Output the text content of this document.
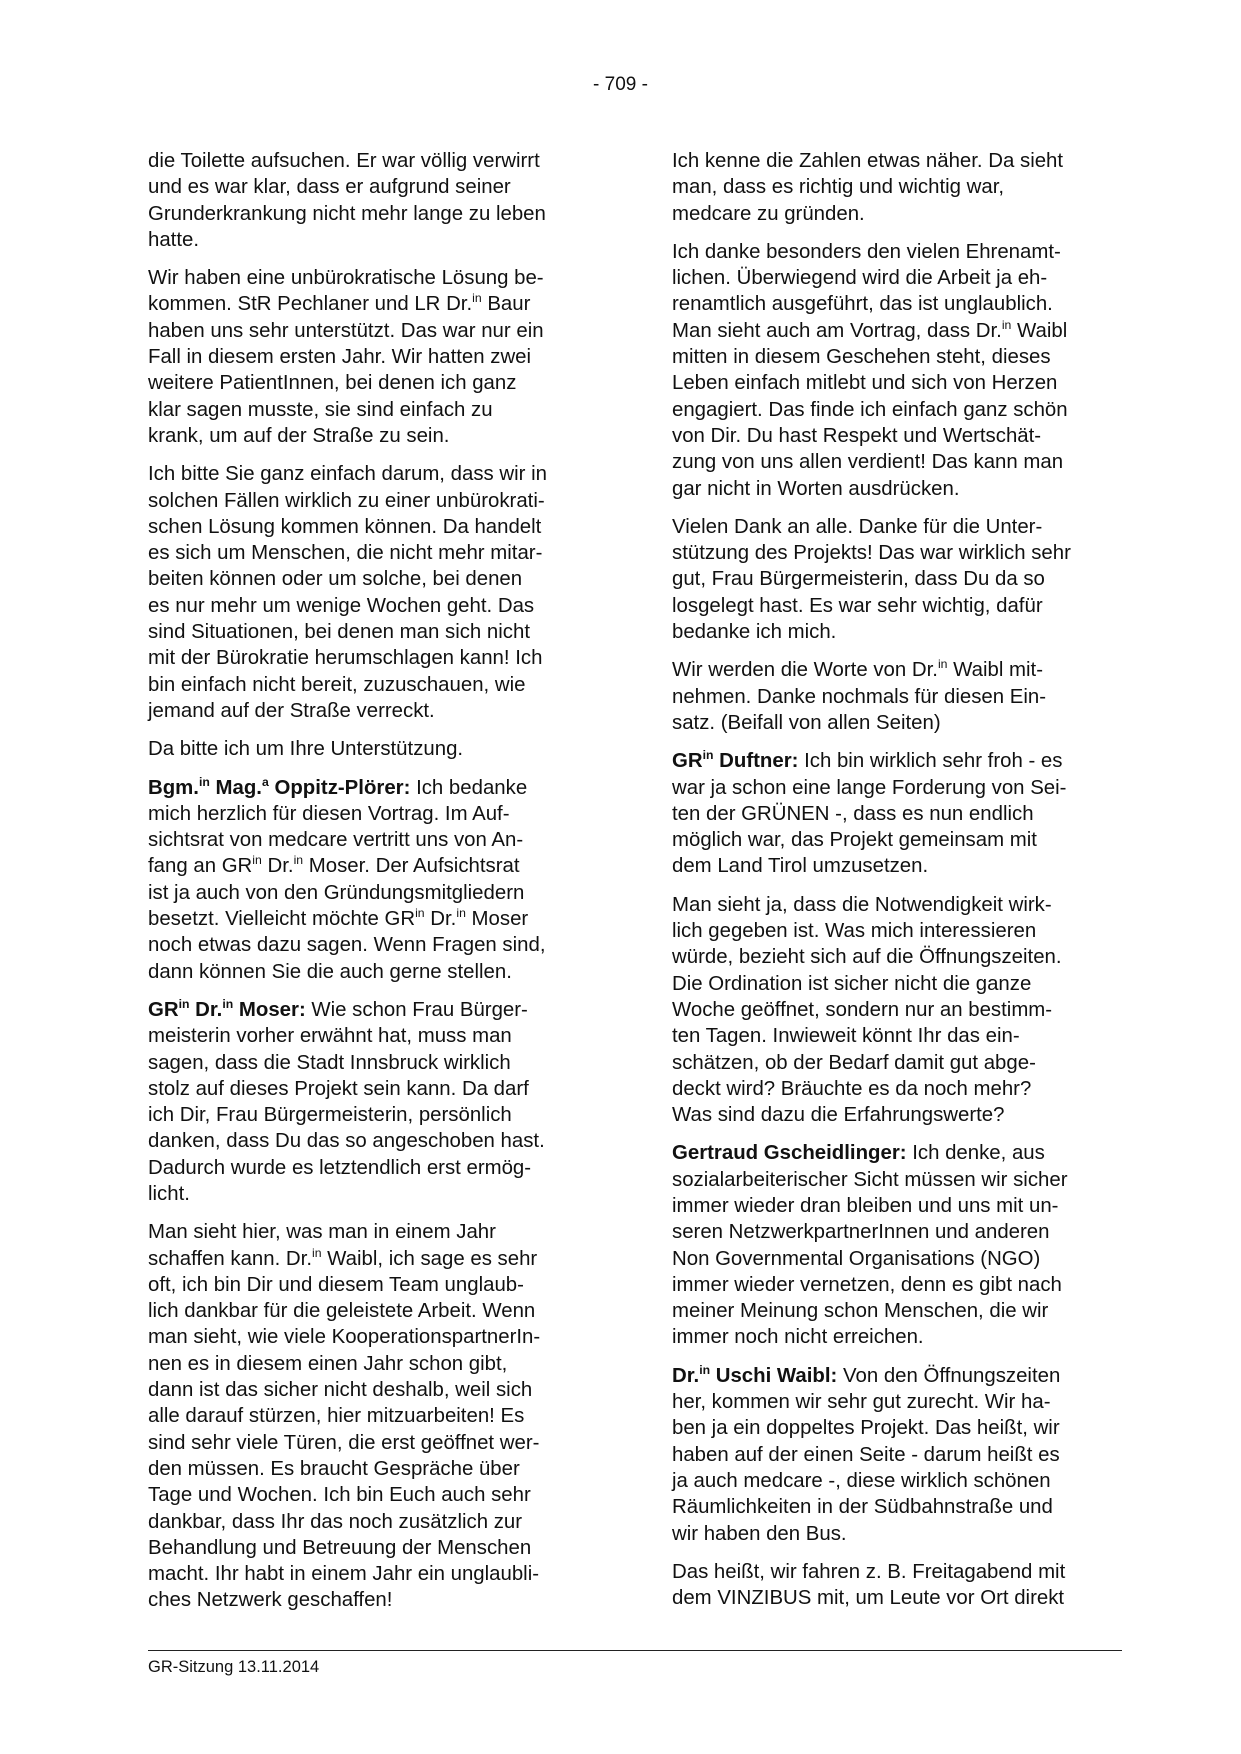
- 709 -

die Toilette aufsuchen. Er war völlig verwirrt
und es war klar, dass er aufgrund seiner
Grunderkrankung nicht mehr lange zu leben
hatte.

Wir haben eine unbürokratische Lösung be-
kommen. StR Pechlaner und LR Dr.$^{in}$ Baur
haben uns sehr unterstützt. Das war nur ein
Fall in diesem ersten Jahr. Wir hatten zwei
weitere PatientInnen, bei denen ich ganz
klar sagen musste, sie sind einfach zu
krank, um auf der Straße zu sein.

Ich bitte Sie ganz einfach darum, dass wir in
solchen Fällen wirklich zu einer unbürokrati-
schen Lösung kommen können. Da handelt
es sich um Menschen, die nicht mehr mitar-
beiten können oder um solche, bei denen
es nur mehr um wenige Wochen geht. Das
sind Situationen, bei denen man sich nicht
mit der Bürokratie herumschlagen kann! Ich
bin einfach nicht bereit, zuzuschauen, wie
jemand auf der Straße verreckt.

Da bitte ich um Ihre Unterstützung.

Bgm.$^{in}$ Mag.$^a$ Oppitz-Plörer: Ich bedanke
mich herzlich für diesen Vortrag. Im Auf-
sichtsrat von medcare vertritt uns von An-
fang an $GR^{in}$ Dr.$^{in}$ Moser. Der Aufsichtsrat
ist ja auch von den Gründungsmitgliedern
besetzt. Vielleicht möchte $GR^{in}$ Dr.$^{in}$ Moser
noch etwas dazu sagen. Wenn Fragen sind,
dann können Sie die auch gerne stellen.

$GR^{in}$ Dr.$^{in}$ Moser: Wie schon Frau Bürger-
meisterin vorher erwähnt hat, muss man
sagen, dass die Stadt Innsbruck wirklich
stolz auf dieses Projekt sein kann. Da darf
ich Dir, Frau Bürgermeisterin, persönlich
danken, dass Du das so angeschoben hast.
Dadurch wurde es letztendlich erst ermög-
licht.

Man sieht hier, was man in einem Jahr
schaffen kann. Dr.$^{in}$ Waibl, ich sage es sehr
oft, ich bin Dir und diesem Team unglaub-
lich dankbar für die geleistete Arbeit. Wenn
man sieht, wie viele KooperationspartnerIn-
nen es in diesem einen Jahr schon gibt,
dann ist das sicher nicht deshalb, weil sich
alle darauf stürzen, hier mitzuarbeiten! Es
sind sehr viele Türen, die erst geöffnet wer-
den müssen. Es braucht Gespräche über
Tage und Wochen. Ich bin Euch auch sehr
dankbar, dass Ihr das noch zusätzlich zur
Behandlung und Betreuung der Menschen
macht. Ihr habt in einem Jahr ein unglaubli-
ches Netzwerk geschaffen!

Ich kenne die Zahlen etwas näher. Da sieht
man, dass es richtig und wichtig war,
medcare zu gründen.

Ich danke besonders den vielen Ehrenamt-
lichen. Überwiegend wird die Arbeit ja eh-
renamtlich ausgeführt, das ist unglaublich.
Man sieht auch am Vortrag, dass Dr.$^{in}$ Waibl
mitten in diesem Geschehen steht, dieses
Leben einfach mitlebt und sich von Herzen
engagiert. Das finde ich einfach ganz schön
von Dir. Du hast Respekt und Wertschät-
zung von uns allen verdient! Das kann man
gar nicht in Worten ausdrücken.

Vielen Dank an alle. Danke für die Unter-
stützung des Projekts! Das war wirklich sehr
gut, Frau Bürgermeisterin, dass Du da so
losgelegt hast. Es war sehr wichtig, dafür
bedanke ich mich.

Wir werden die Worte von Dr.$^{in}$ Waibl mit-
nehmen. Danke nochmals für diesen Ein-
satz. (Beifall von allen Seiten)

$GR^{in}$ Duftner: Ich bin wirklich sehr froh - es
war ja schon eine lange Forderung von Sei-
ten der GRÜNEN -, dass es nun endlich
möglich war, das Projekt gemeinsam mit
dem Land Tirol umzusetzen.

Man sieht ja, dass die Notwendigkeit wirk-
lich gegeben ist. Was mich interessieren
würde, bezieht sich auf die Öffnungszeiten.
Die Ordination ist sicher nicht die ganze
Woche geöffnet, sondern nur an bestimm-
ten Tagen. Inwieweit könnt Ihr das ein-
schätzen, ob der Bedarf damit gut abge-
deckt wird? Bräuchte es da noch mehr?
Was sind dazu die Erfahrungswerte?

Gertraud Gscheidlinger: Ich denke, aus
sozialarbeiterischer Sicht müssen wir sicher
immer wieder dran bleiben und uns mit un-
seren NetzwerkpartnerInnen und anderen
Non Governmental Organisations (NGO)
immer wieder vernetzen, denn es gibt nach
meiner Meinung schon Menschen, die wir
immer noch nicht erreichen.

Dr.$^{in}$ Uschi Waibl: Von den Öffnungszeiten
her, kommen wir sehr gut zurecht. Wir ha-
ben ja ein doppeltes Projekt. Das heißt, wir
haben auf der einen Seite - darum heißt es
ja auch medcare -, diese wirklich schönen
Räumlichkeiten in der Südbahnstraße und
wir haben den Bus.

Das heißt, wir fahren z. B. Freitagabend mit
dem VINZIBUS mit, um Leute vor Ort direkt

GR-Sitzung 13.11.2014
